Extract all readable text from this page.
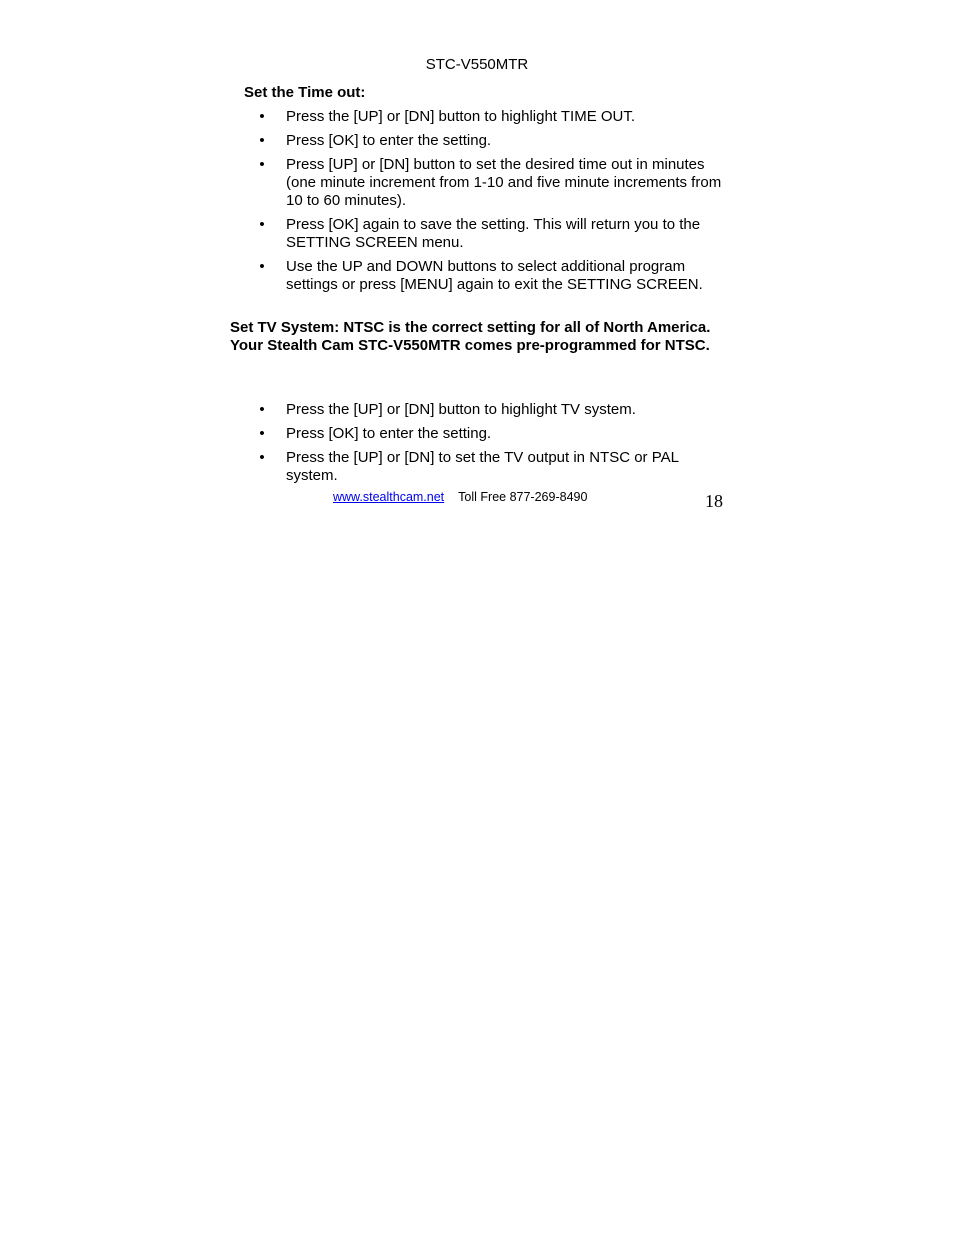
STC-V550MTR
Set the Time out:
• Press the [UP] or [DN] button to highlight TIME OUT.
• Press [OK] to enter the setting.
• Press [UP] or [DN] button to set the desired time out in minutes (one minute increment from 1-10 and five minute increments from 10 to 60 minutes).
• Press [OK] again to save the setting. This will return you to the SETTING SCREEN menu.
• Use the UP and DOWN buttons to select additional program settings or press [MENU] again to exit the SETTING SCREEN.
Set TV System: NTSC is the correct setting for all of North America. Your Stealth Cam STC-V550MTR comes pre-programmed for NTSC.
• Press the [UP] or [DN] button to highlight TV system.
• Press [OK] to enter the setting.
• Press the [UP] or [DN] to set the TV output in NTSC or PAL system.
www.stealthcam.net Toll Free 877-269-8490	18
